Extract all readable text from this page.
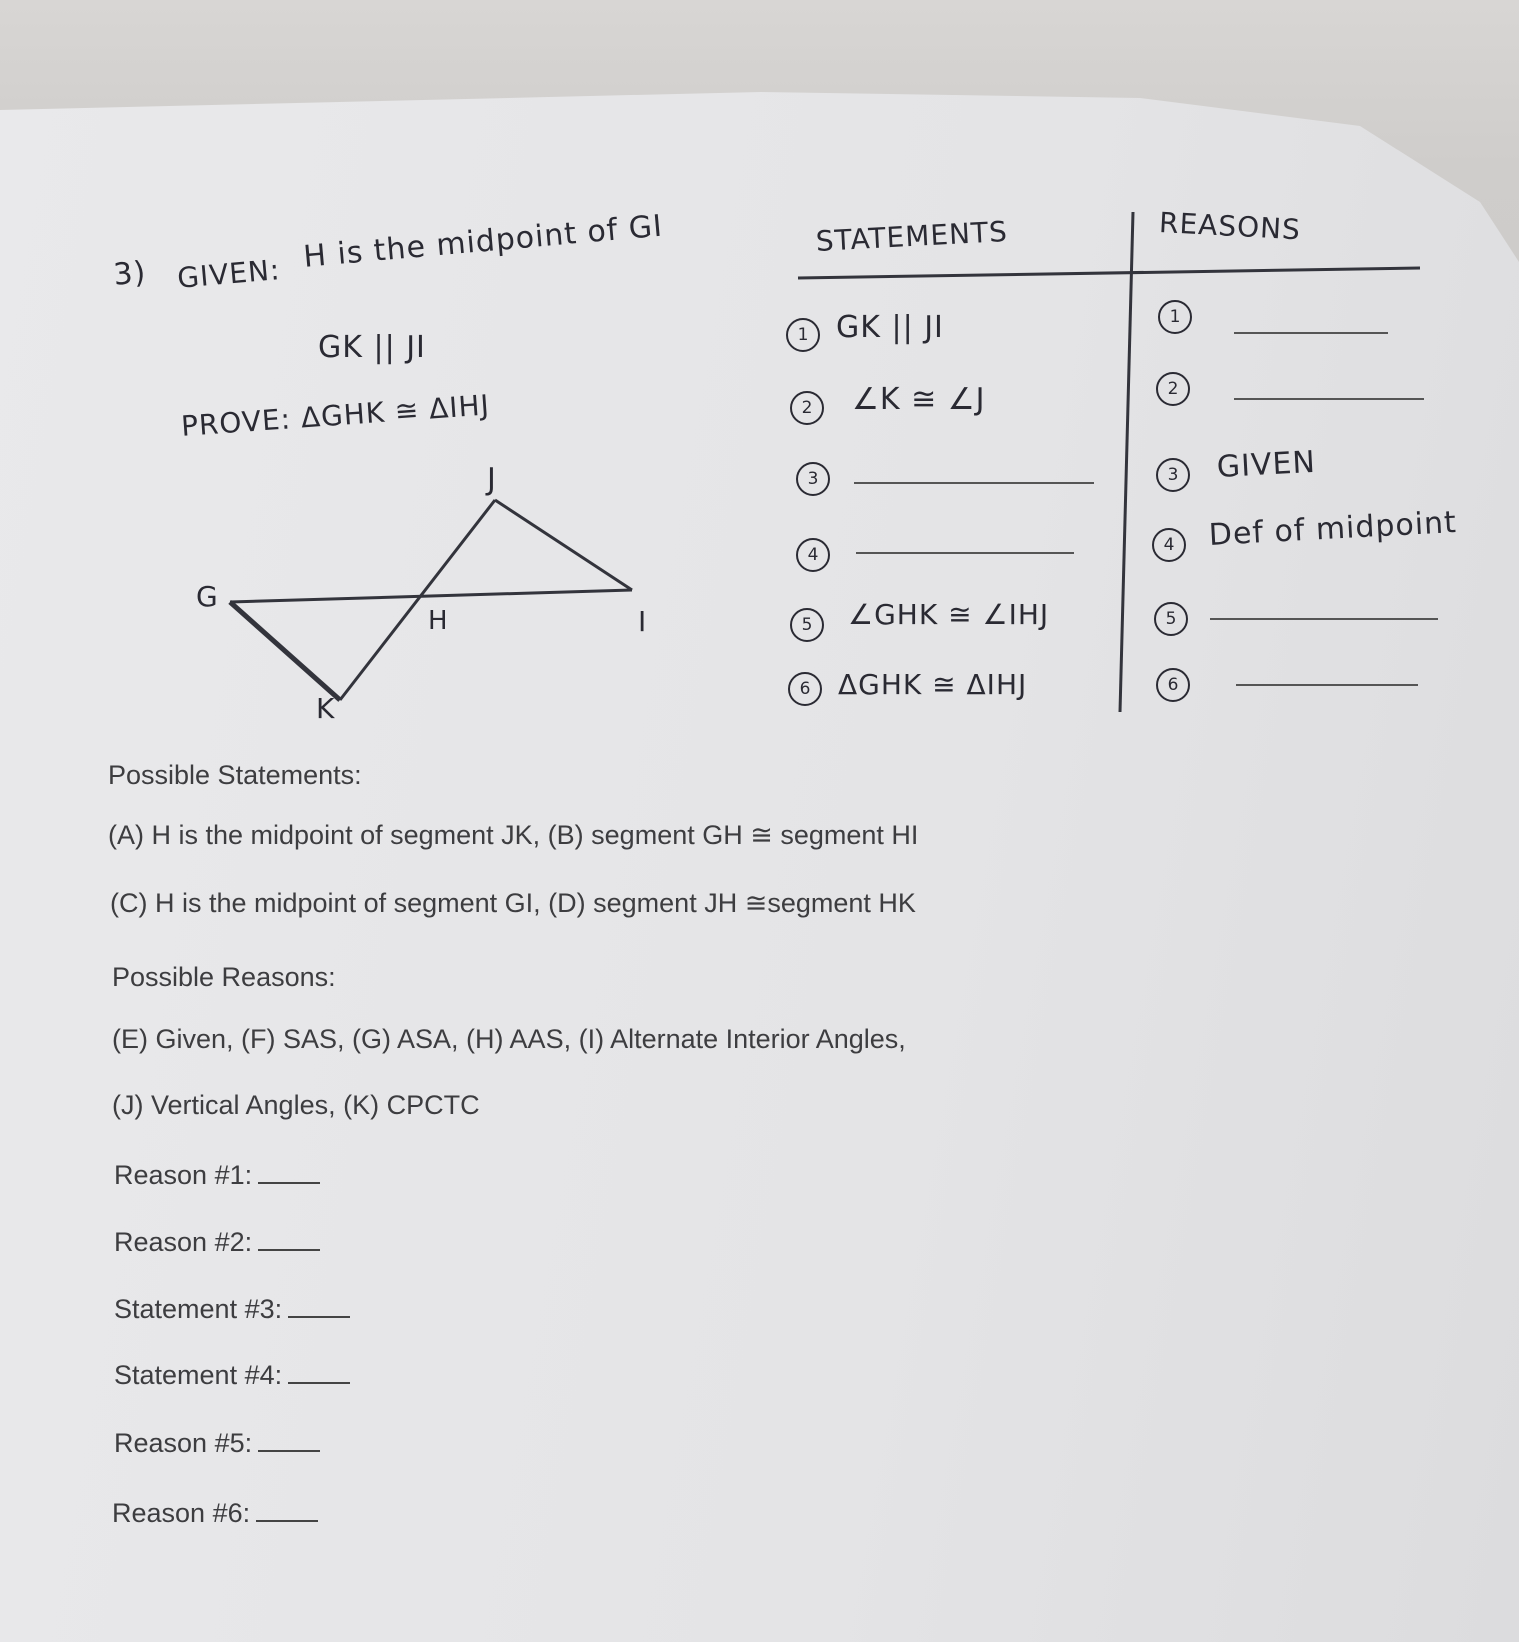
3) GIVEN: H is the midpoint of GI
GK || JI
PROVE: ΔGHK ≅ ΔIHJ
J
G
H	I
K
STATEMENTS	REASONS
1 GK || JI	1
2	∠K ≅ ∠J	2
3	3	GIVEN
4	4	Def of midpoint
5	∠GHK ≅ ∠IHJ	5
6 ΔGHK ≅ ΔIHJ	6
Possible Statements:
(A) H is the midpoint of segment JK, (B) segment GH ≅ segment HI
(C) H is the midpoint of segment GI, (D) segment JH ≅segment HK
Possible Reasons:
(E) Given, (F) SAS, (G) ASA, (H) AAS, (I) Alternate Interior Angles,
(J) Vertical Angles, (K) CPCTC
Reason #1:
Reason #2:
Statement #3:
Statement #4:
Reason #5:
Reason #6:
